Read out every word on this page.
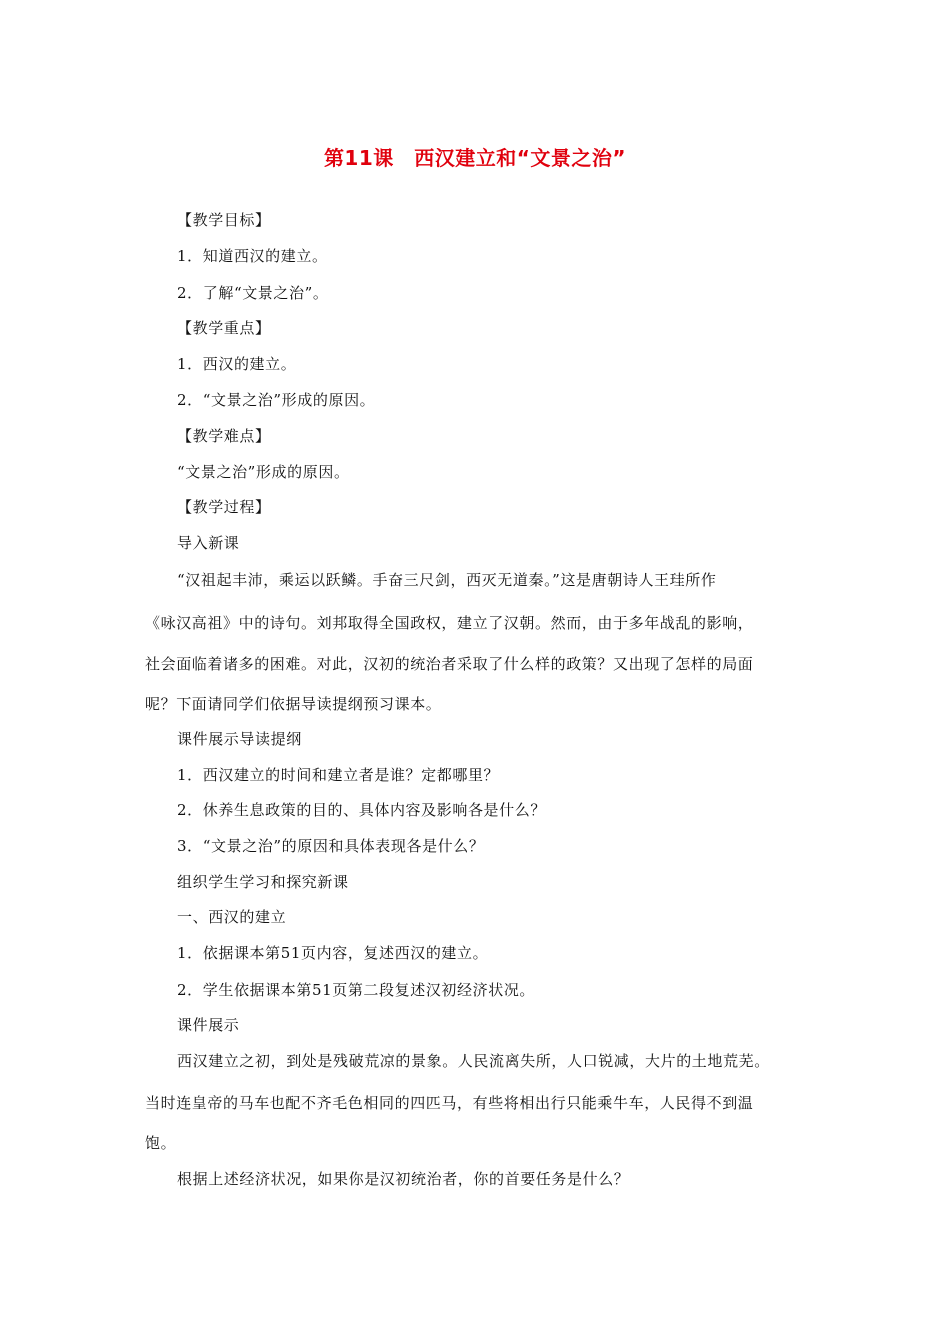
第11课　西汉建立和“文景之治”
【教学目标】
1．知道西汉的建立。
2．了解“文景之治”。
【教学重点】
1．西汉的建立。
2．“文景之治”形成的原因。
【教学难点】
“文景之治”形成的原因。
【教学过程】
导入新课
“汉祖起丰沛，乘运以跃鳞。手奋三尺剑，西灭无道秦。”这是唐朝诗人王珪所作
《咏汉高祖》中的诗句。刘邦取得全国政权，建立了汉朝。然而，由于多年战乱的影响，
社会面临着诸多的困难。对此，汉初的统治者采取了什么样的政策？又出现了怎样的局面
呢？下面请同学们依据导读提纲预习课本。
课件展示导读提纲
1．西汉建立的时间和建立者是谁？定都哪里？
2．休养生息政策的目的、具体内容及影响各是什么？
3．“文景之治”的原因和具体表现各是什么？
组织学生学习和探究新课
一、西汉的建立
1．依据课本第51页内容，复述西汉的建立。
2．学生依据课本第51页第二段复述汉初经济状况。
课件展示
西汉建立之初，到处是残破荒凉的景象。人民流离失所，人口锐减，大片的土地荒芜。
当时连皇帝的马车也配不齐毛色相同的四匹马，有些将相出行只能乘牛车，人民得不到温
饱。
根据上述经济状况，如果你是汉初统治者，你的首要任务是什么？
